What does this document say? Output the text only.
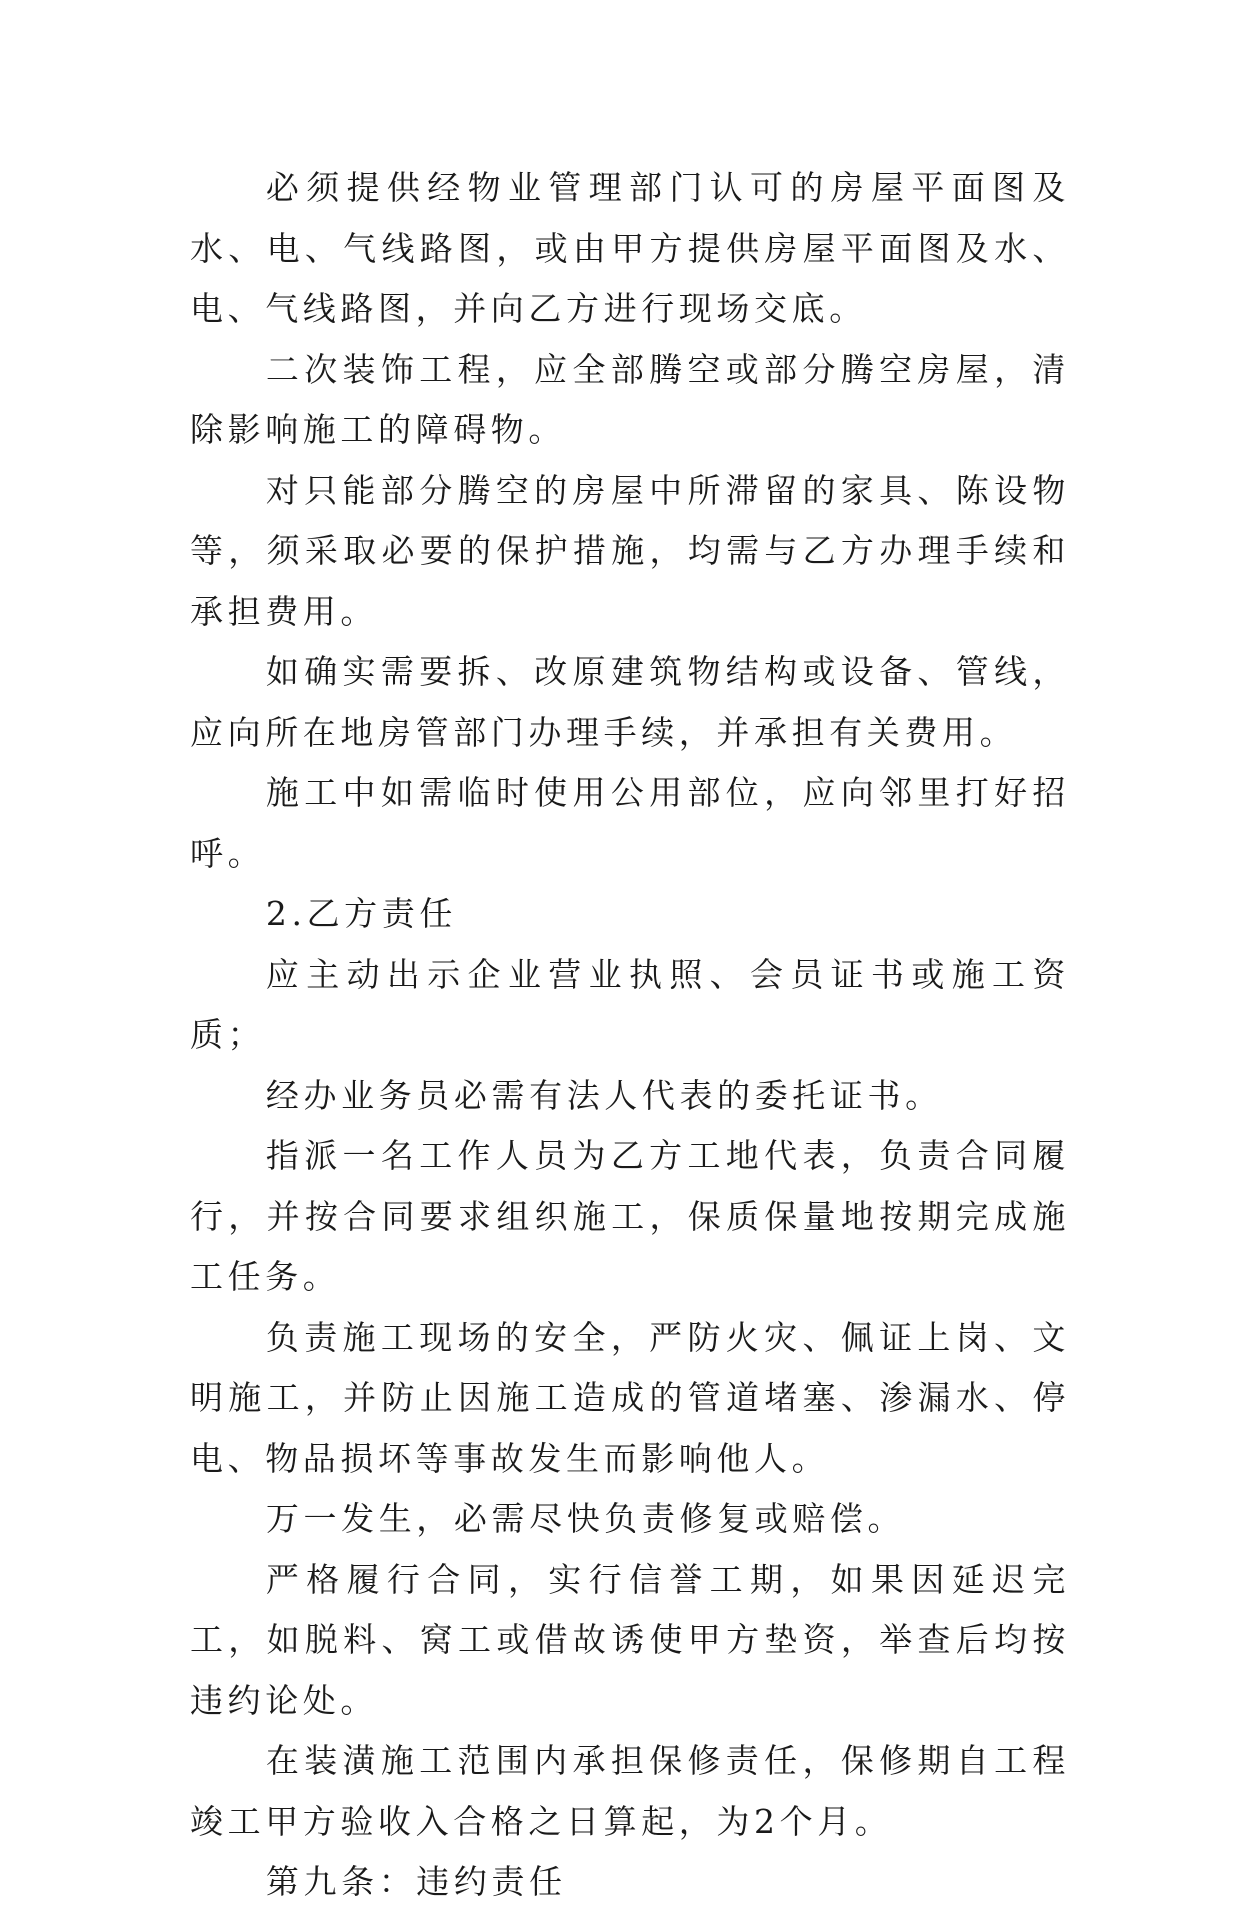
必须提供经物业管理部门认可的房屋平面图及水、电、气线路图，或由甲方提供房屋平面图及水、电、气线路图，并向乙方进行现场交底。

二次装饰工程，应全部腾空或部分腾空房屋，清除影响施工的障碍物。

对只能部分腾空的房屋中所滞留的家具、陈设物等，须采取必要的保护措施，均需与乙方办理手续和承担费用。

如确实需要拆、改原建筑物结构或设备、管线，应向所在地房管部门办理手续，并承担有关费用。

施工中如需临时使用公用部位，应向邻里打好招呼。

2.乙方责任

应主动出示企业营业执照、会员证书或施工资质；

经办业务员必需有法人代表的委托证书。

指派一名工作人员为乙方工地代表，负责合同履行，并按合同要求组织施工，保质保量地按期完成施工任务。

负责施工现场的安全，严防火灾、佩证上岗、文明施工，并防止因施工造成的管道堵塞、渗漏水、停电、物品损坏等事故发生而影响他人。

万一发生，必需尽快负责修复或赔偿。

严格履行合同，实行信誉工期，如果因延迟完工，如脱料、窝工或借故诱使甲方垫资，举查后均按违约论处。

在装潢施工范围内承担保修责任，保修期自工程竣工甲方验收入合格之日算起，为2个月。

第九条：违约责任
